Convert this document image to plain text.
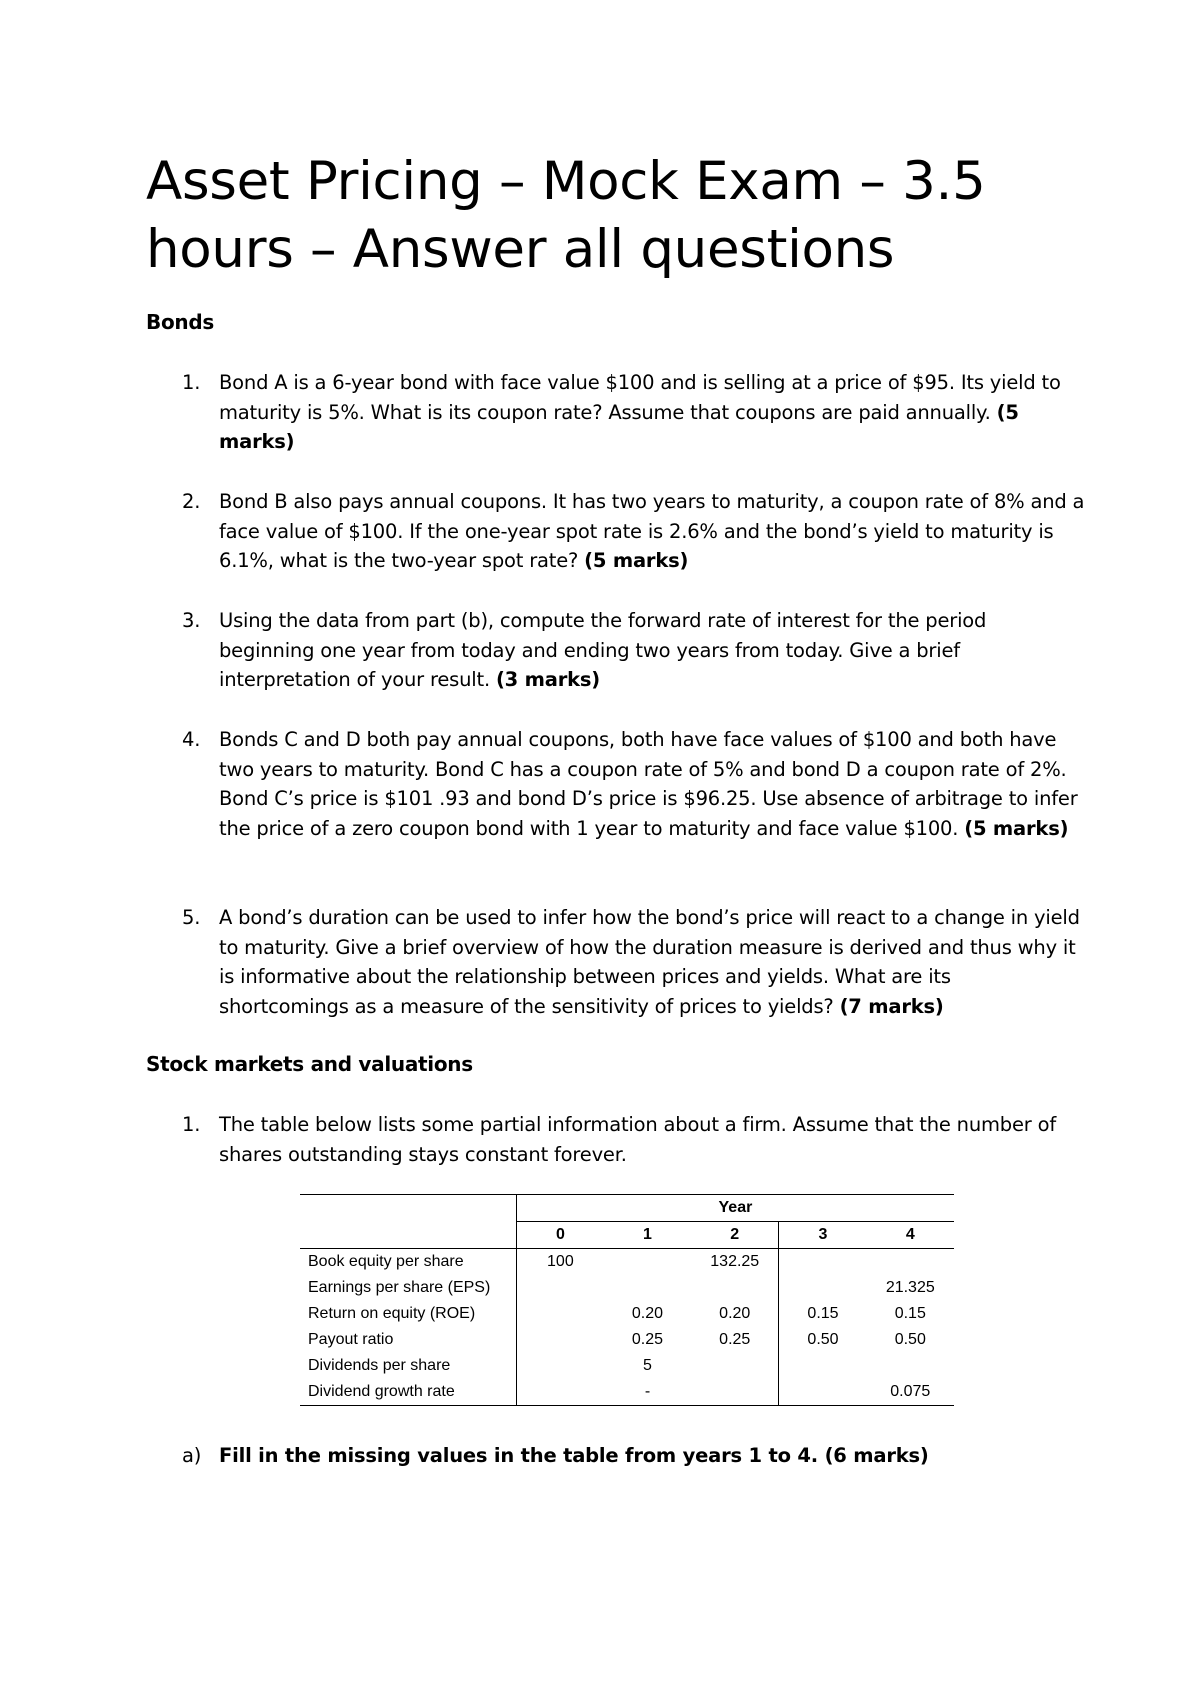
Asset Pricing – Mock Exam – 3.5 hours – Answer all questions
Bonds
1. Bond A is a 6-year bond with face value $100 and is selling at a price of $95. Its yield to maturity is 5%. What is its coupon rate? Assume that coupons are paid annually. (5 marks)
2. Bond B also pays annual coupons. It has two years to maturity, a coupon rate of 8% and a face value of $100. If the one-year spot rate is 2.6% and the bond’s yield to maturity is 6.1%, what is the two-year spot rate? (5 marks)
3. Using the data from part (b), compute the forward rate of interest for the period beginning one year from today and ending two years from today. Give a brief interpretation of your result. (3 marks)
4. Bonds C and D both pay annual coupons, both have face values of $100 and both have two years to maturity. Bond C has a coupon rate of 5% and bond D a coupon rate of 2%. Bond C’s price is $101 .93 and bond D’s price is $96.25. Use absence of arbitrage to infer the price of a zero coupon bond with 1 year to maturity and face value $100. (5 marks)
5. A bond’s duration can be used to infer how the bond’s price will react to a change in yield to maturity. Give a brief overview of how the duration measure is derived and thus why it is informative about the relationship between prices and yields. What are its shortcomings as a measure of the sensitivity of prices to yields? (7 marks)
Stock markets and valuations
1. The table below lists some partial information about a firm. Assume that the number of shares outstanding stays constant forever.
	Year				
	0	1	2	3	4
Book equity per share	100		132.25		
Earnings per share (EPS)					21.325
Return on equity (ROE)		0.20	0.20	0.15	0.15
Payout ratio		0.25	0.25	0.50	0.50
Dividends per share		5			
Dividend growth rate		-			0.075
a) Fill in the missing values in the table from years 1 to 4. (6 marks)
